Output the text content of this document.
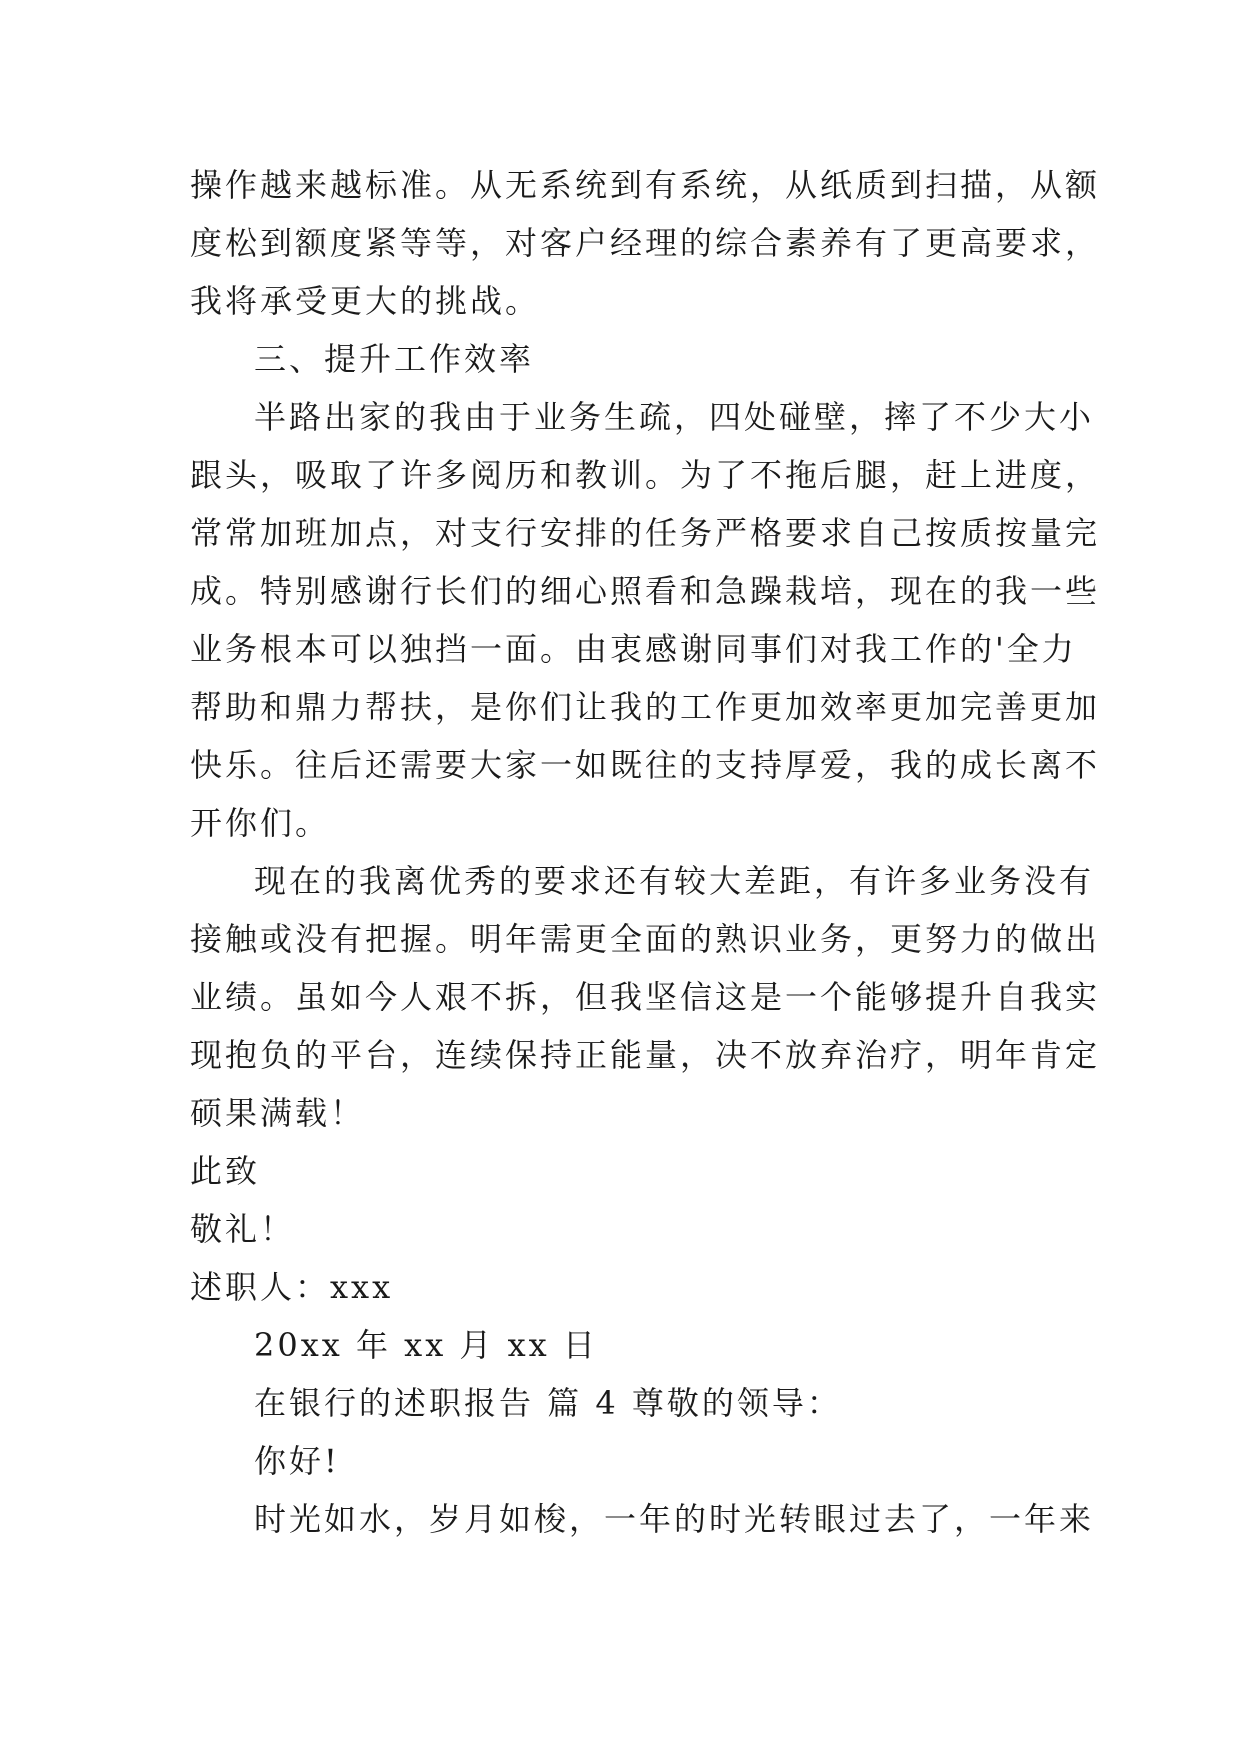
操作越来越标准。从无系统到有系统，从纸质到扫描，从额
度松到额度紧等等，对客户经理的综合素养有了更高要求，
我将承受更大的挑战。
三、提升工作效率
半路出家的我由于业务生疏，四处碰壁，摔了不少大小
跟头，吸取了许多阅历和教训。为了不拖后腿，赶上进度，
常常加班加点，对支行安排的任务严格要求自己按质按量完
成。特别感谢行长们的细心照看和急躁栽培，现在的我一些
业务根本可以独挡一面。由衷感谢同事们对我工作的'全力
帮助和鼎力帮扶，是你们让我的工作更加效率更加完善更加
快乐。往后还需要大家一如既往的支持厚爱，我的成长离不
开你们。
现在的我离优秀的要求还有较大差距，有许多业务没有
接触或没有把握。明年需更全面的熟识业务，更努力的做出
业绩。虽如今人艰不拆，但我坚信这是一个能够提升自我实
现抱负的平台，连续保持正能量，决不放弃治疗，明年肯定
硕果满载！
此致
敬礼！
述职人：xxx
20xx 年 xx 月 xx 日
在银行的述职报告 篇 4 尊敬的领导：
你好!
时光如水，岁月如梭，一年的时光转眼过去了，一年来
